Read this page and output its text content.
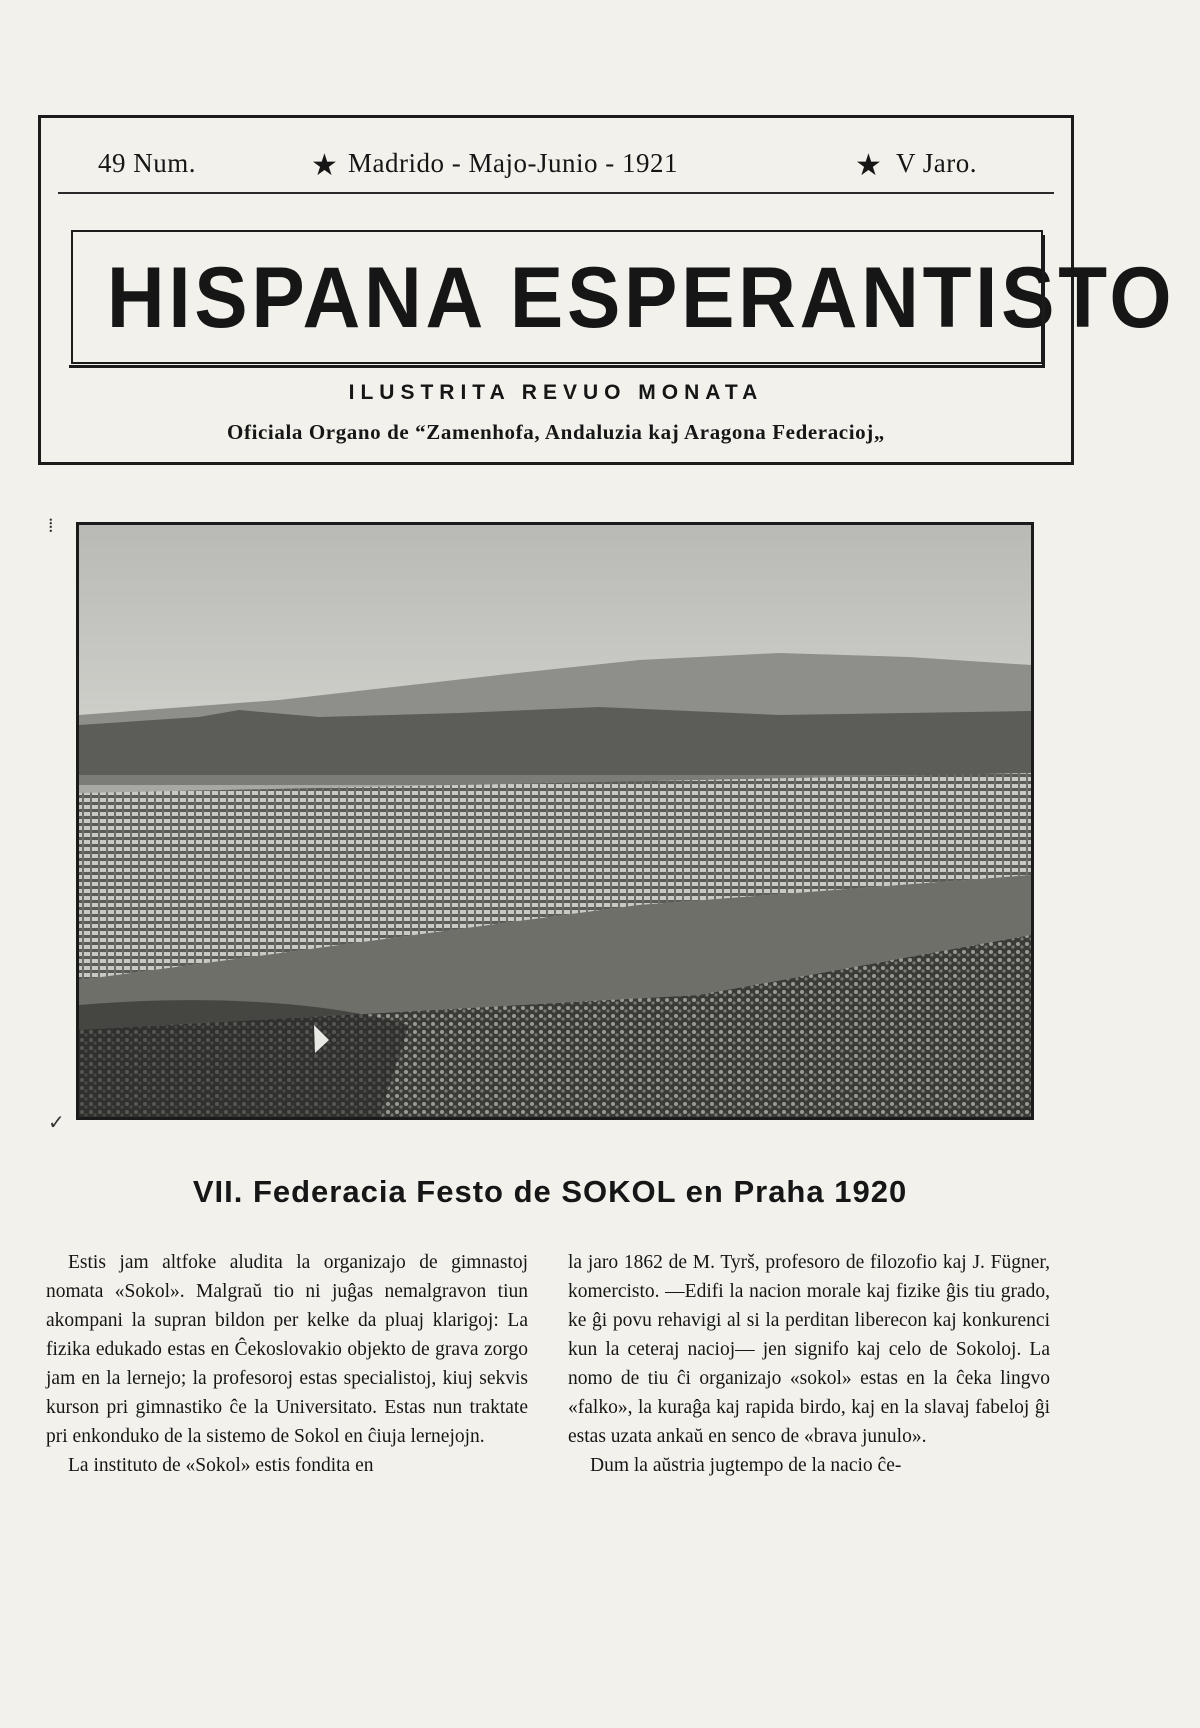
49 Num.	★ Madrido - Majo-Junio - 1921	★ V Jaro.
HISPANA ESPERANTISTO
ILUSTRITA REVUO MONATA
Oficiala Organo de “Zamenhofa, Andaluzia kaj Aragona Federacioj„
⁞
✓
VII. Federacia Festo de SOKOL en Praha 1920

Estis jam altfoke aludita la organizajo de gimnastoj nomata «Sokol». Malgraŭ tio ni juĝas nemalgravon tiun akompani la supran bildon per kelke da pluaj klarigoj: La fizika edukado estas en Ĉekoslovakio objekto de grava zorgo jam en la lernejo; la profesoroj estas specialistoj, kiuj sekvis kurson pri gimnastiko ĉe la Universitato. Estas nun traktate pri enkonduko de la sistemo de Sokol en ĉiuja lernejojn.

La instituto de «Sokol» estis fondita en

la jaro 1862 de M. Tyrš, profesoro de filozofio kaj J. Fügner, komercisto. —Edifi la nacion morale kaj fizike ĝis tiu grado, ke ĝi povu rehavigi al si la perditan liberecon kaj konkurenci kun la ceteraj nacioj— jen signifo kaj celo de Sokoloj. La nomo de tiu ĉi organizajo «sokol» estas en la ĉeka lingvo «falko», la kuraĝa kaj rapida birdo, kaj en la slavaj fabeloj ĝi estas uzata ankaŭ en senco de «brava junulo».

Dum la aŭstria jugtempo de la nacio ĉe-
